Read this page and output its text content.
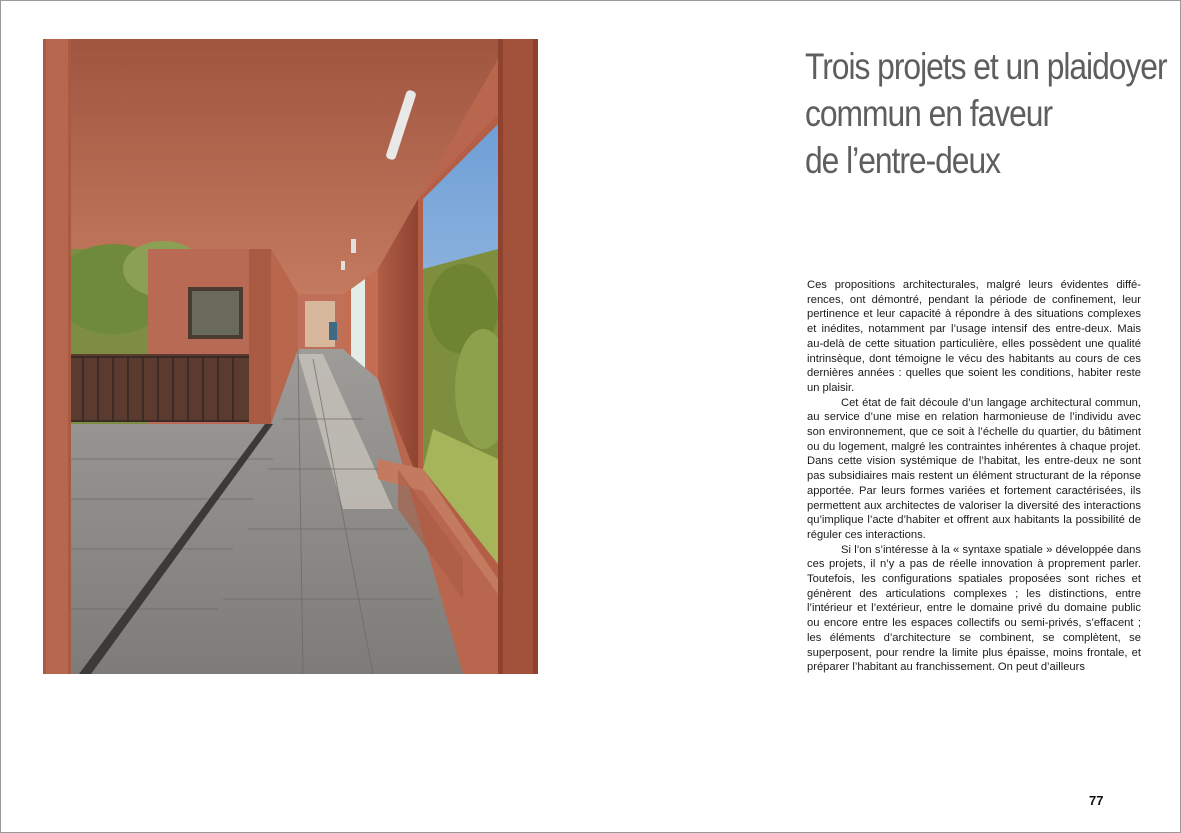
Trois projets et un plaidoyer
commun en faveur
de l’entre-deux

Ces propositions architecturales, malgré leurs évidentes différences, ont démontré, pendant la période de confinement, leur pertinence et leur capacité à répondre à des situations complexes et inédites, notamment par l’usage intensif des entre-deux. Mais au-delà de cette situation particulière, elles possèdent une qualité intrinsèque, dont témoigne le vécu des habitants au cours de ces dernières années : quelles que soient les conditions, habiter reste un plaisir.

Cet état de fait découle d’un langage architectural commun, au service d’une mise en relation harmonieuse de l’individu avec son environnement, que ce soit à l’échelle du quartier, du bâtiment ou du logement, malgré les contraintes inhérentes à chaque projet. Dans cette vision systémique de l’habitat, les entre-deux ne sont pas subsidiaires mais restent un élément structurant de la réponse apportée. Par leurs formes variées et fortement caractérisées, ils permettent aux architectes de valoriser la diversité des interactions qu’implique l’acte d’habiter et offrent aux habitants la possibilité de réguler ces interactions.

Si l’on s’intéresse à la « syntaxe spatiale » développée dans ces projets, il n’y a pas de réelle innovation à proprement parler. Toutefois, les configurations spatiales proposées sont riches et génèrent des articulations complexes ; les distinctions, entre l’intérieur et l’extérieur, entre le domaine privé du domaine public ou encore entre les espaces collectifs ou semi-privés, s’effacent ; les éléments d’architecture se combinent, se complètent, se superposent, pour rendre la limite plus épaisse, moins frontale, et préparer l’habitant au franchissement. On peut d’ailleurs

77
